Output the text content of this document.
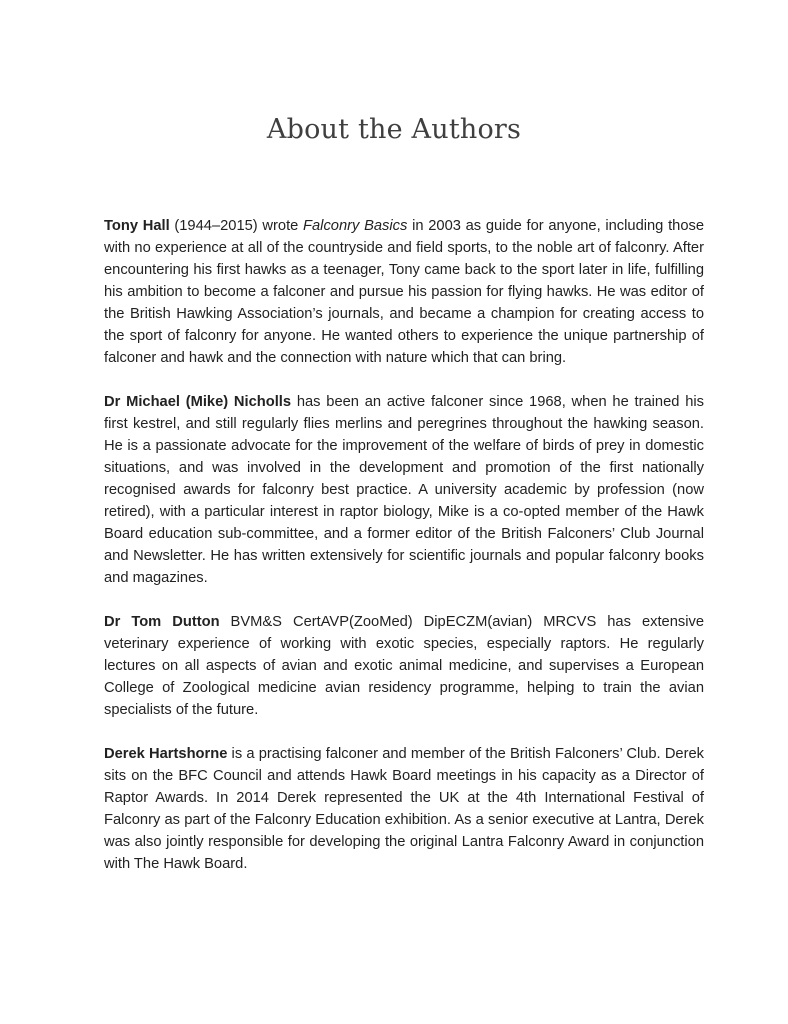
About the Authors

Tony Hall (1944–2015) wrote Falconry Basics in 2003 as guide for anyone, including those with no experience at all of the countryside and field sports, to the noble art of falconry. After encountering his first hawks as a teenager, Tony came back to the sport later in life, fulfilling his ambition to become a falconer and pursue his passion for flying hawks. He was editor of the British Hawking Association’s journals, and became a champion for creating access to the sport of falconry for anyone. He wanted others to experience the unique partnership of falconer and hawk and the connection with nature which that can bring.

Dr Michael (Mike) Nicholls has been an active falconer since 1968, when he trained his first kestrel, and still regularly flies merlins and peregrines throughout the hawking season. He is a passionate advocate for the improvement of the welfare of birds of prey in domestic situations, and was involved in the development and promotion of the first nationally recognised awards for falconry best practice. A university academic by profession (now retired), with a particular interest in raptor biology, Mike is a co-opted member of the Hawk Board education sub-committee, and a former editor of the British Falconers’ Club Journal and Newsletter. He has written extensively for scientific journals and popular falconry books and magazines.

Dr Tom Dutton BVM&S CertAVP(ZooMed) DipECZM(avian) MRCVS has extensive veterinary experience of working with exotic species, especially raptors. He regularly lectures on all aspects of avian and exotic animal medicine, and supervises a European College of Zoological medicine avian residency programme, helping to train the avian specialists of the future.

Derek Hartshorne is a practising falconer and member of the British Falconers’ Club. Derek sits on the BFC Council and attends Hawk Board meetings in his capacity as a Director of Raptor Awards. In 2014 Derek represented the UK at the 4th International Festival of Falconry as part of the Falconry Education exhibition. As a senior executive at Lantra, Derek was also jointly responsible for developing the original Lantra Falconry Award in conjunction with The Hawk Board.
